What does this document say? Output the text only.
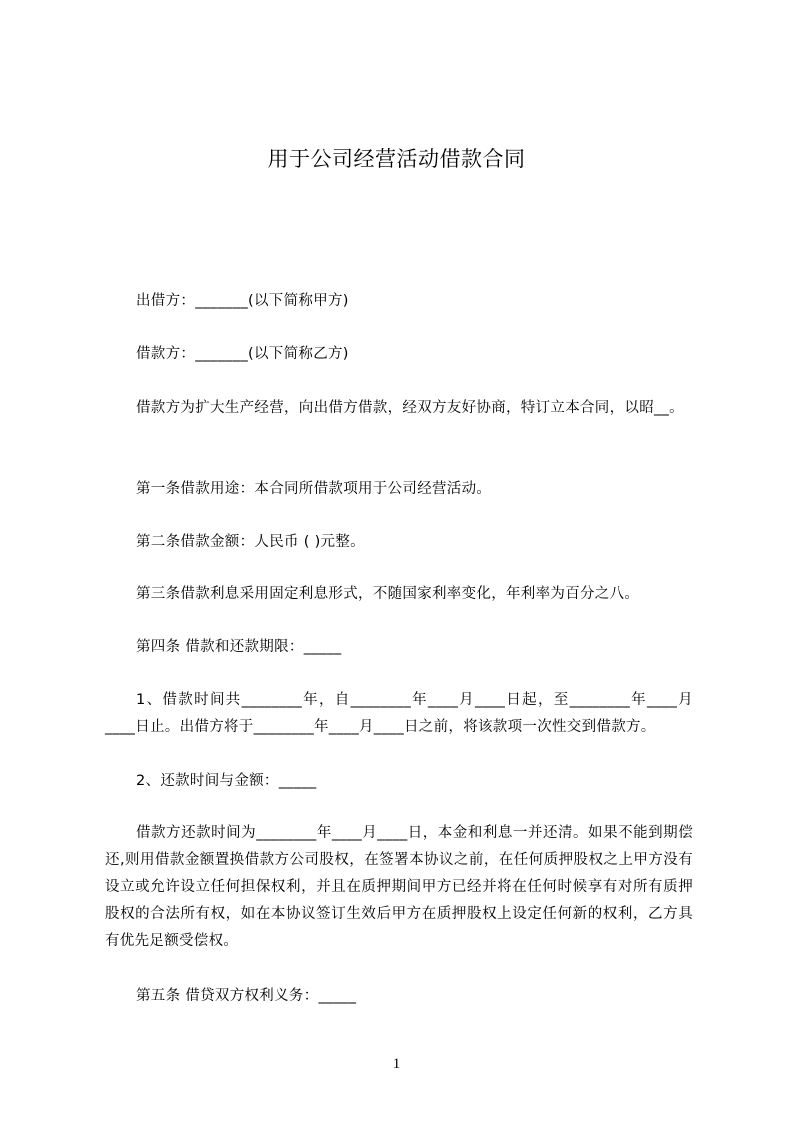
用于公司经营活动借款合同

出借方：_______(以下简称甲方)

借款方：_______(以下简称乙方)

借款方为扩大生产经营，向出借方借款，经双方友好协商，特订立本合同，以昭__。

第一条借款用途：本合同所借款项用于公司经营活动。

第二条借款金额：人民币 ( )元整。

第三条借款利息采用固定利息形式，不随国家利率变化，年利率为百分之八。

第四条 借款和还款期限：_____

1、借款时间共________年，自________年____月____日起，至________年____月____日止。出借方将于________年____月____日之前，将该款项一次性交到借款方。

2、还款时间与金额：_____

借款方还款时间为________年____月____日，本金和利息一并还清。如果不能到期偿还,则用借款金额置换借款方公司股权，在签署本协议之前，在任何质押股权之上甲方没有设立或允许设立任何担保权利，并且在质押期间甲方已经并将在任何时候享有对所有质押股权的合法所有权，如在本协议签订生效后甲方在质押股权上设定任何新的权利，乙方具有优先足额受偿权。

第五条 借贷双方权利义务：_____

1
